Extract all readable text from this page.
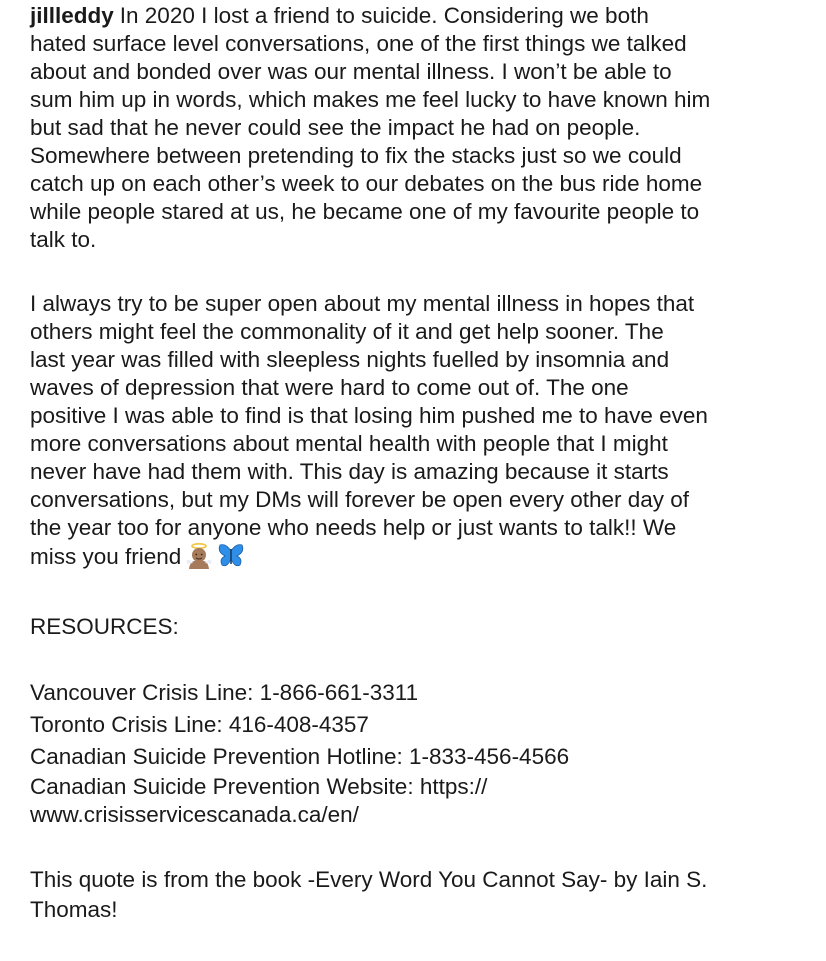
jillleddy In 2020 I lost a friend to suicide. Considering we both
hated surface level conversations, one of the first things we talked
about and bonded over was our mental illness. I won’t be able to
sum him up in words, which makes me feel lucky to have known him
but sad that he never could see the impact he had on people.
Somewhere between pretending to fix the stacks just so we could
catch up on each other’s week to our debates on the bus ride home
while people stared at us, he became one of my favourite people to
talk to.

I always try to be super open about my mental illness in hopes that
others might feel the commonality of it and get help sooner. The
last year was filled with sleepless nights fuelled by insomnia and
waves of depression that were hard to come out of. The one
positive I was able to find is that losing him pushed me to have even
more conversations about mental health with people that I might
never have had them with. This day is amazing because it starts
conversations, but my DMs will forever be open every other day of
the year too for anyone who needs help or just wants to talk!! We
miss you friend

RESOURCES:

Vancouver Crisis Line: 1-866-661-3311
Toronto Crisis Line: 416-408-4357
Canadian Suicide Prevention Hotline: 1-833-456-4566
Canadian Suicide Prevention Website: https://
www.crisisservicescanada.ca/en/

This quote is from the book -Every Word You Cannot Say- by Iain S.
Thomas!
